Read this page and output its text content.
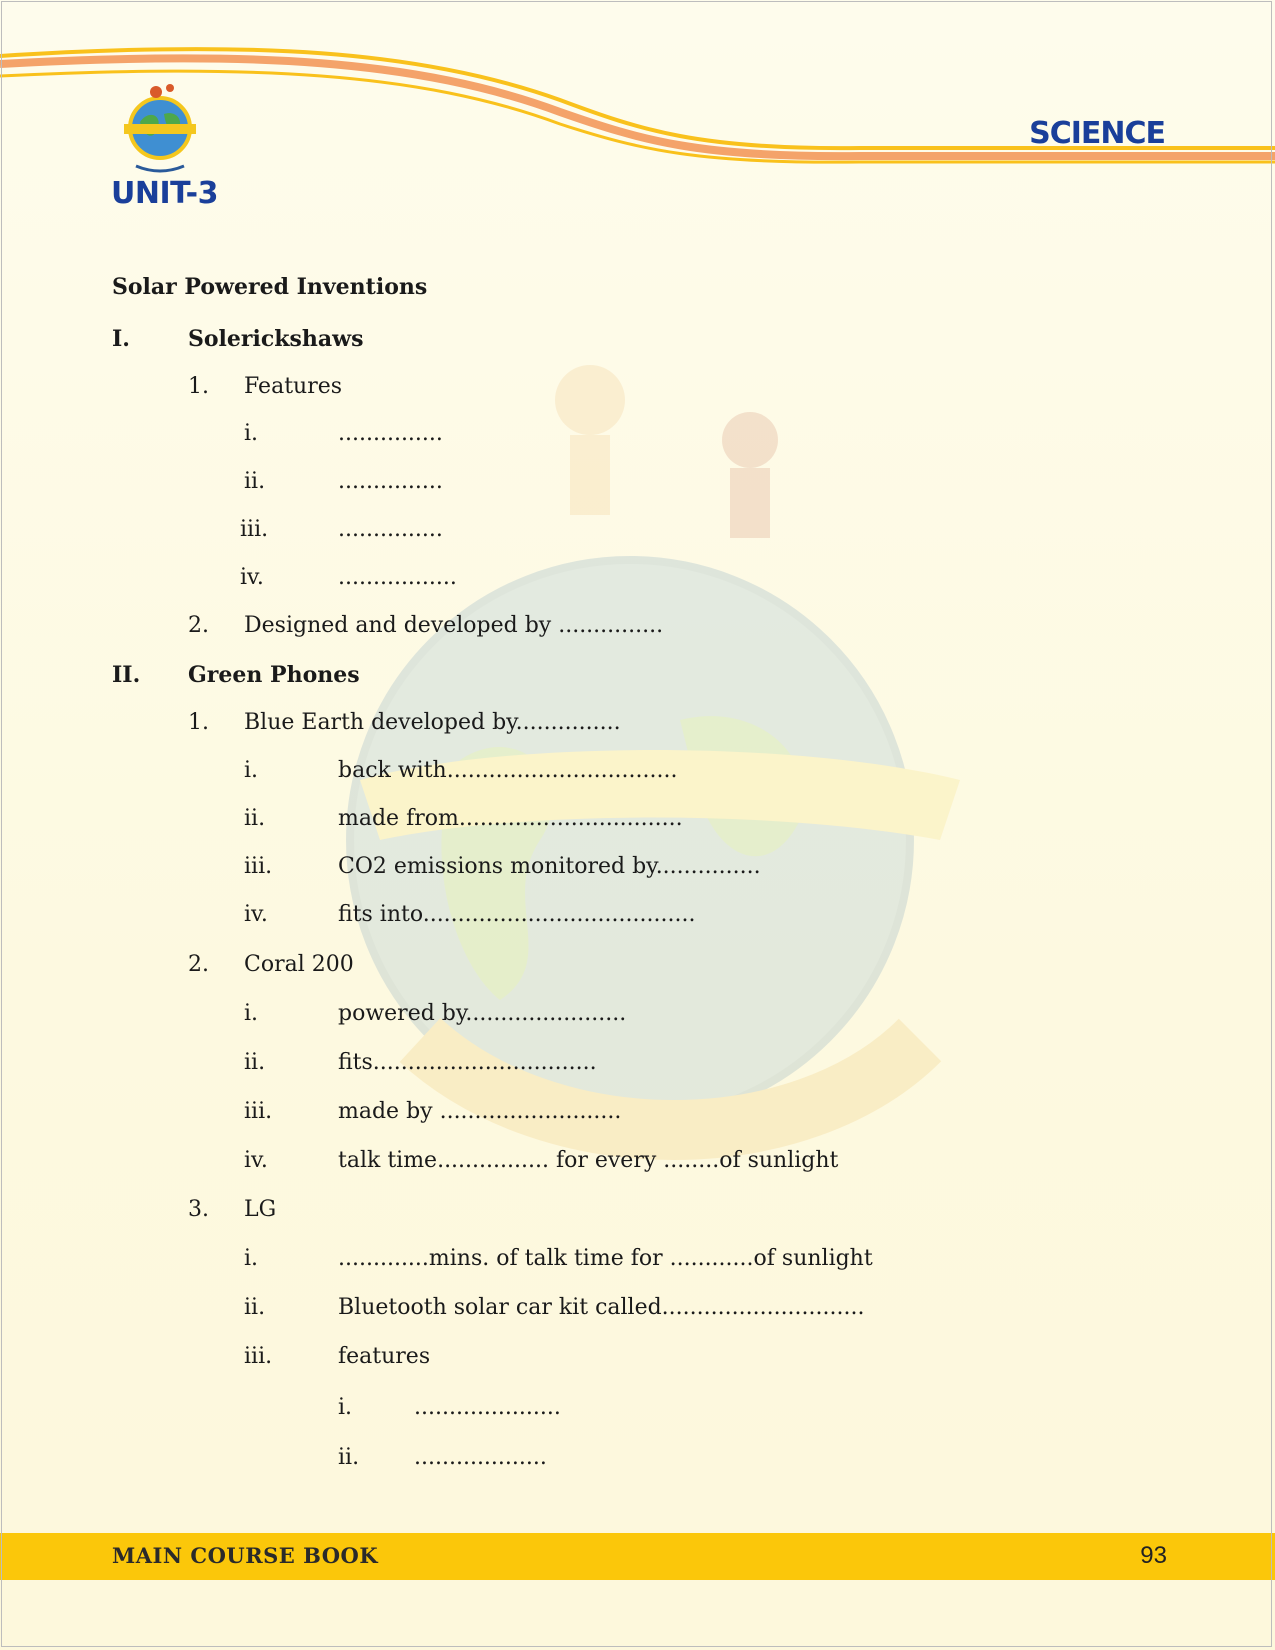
UNIT-3
SCIENCE
Solar Powered Inventions
I.	Solerickshaws
1. Features
i.	...............
ii.	...............
iii.	...............
iv.	.................
2. Designed and developed by ...............
II. Green Phones
1. Blue Earth developed by...............
i.	back with.................................
ii.	made from................................
iii.	CO2 emissions monitored by...............
iv.	fits into.......................................
2. Coral 200
i.	powered by.......................
ii.	fits................................
iii.	made by ..........................
iv.	talk time................ for every ........of sunlight
3. LG
i.	.............mins. of talk time for ............of sunlight
ii.	Bluetooth solar car kit called.............................
iii.	features
i.	.....................
ii. ...................
MAIN COURSE BOOK	93
